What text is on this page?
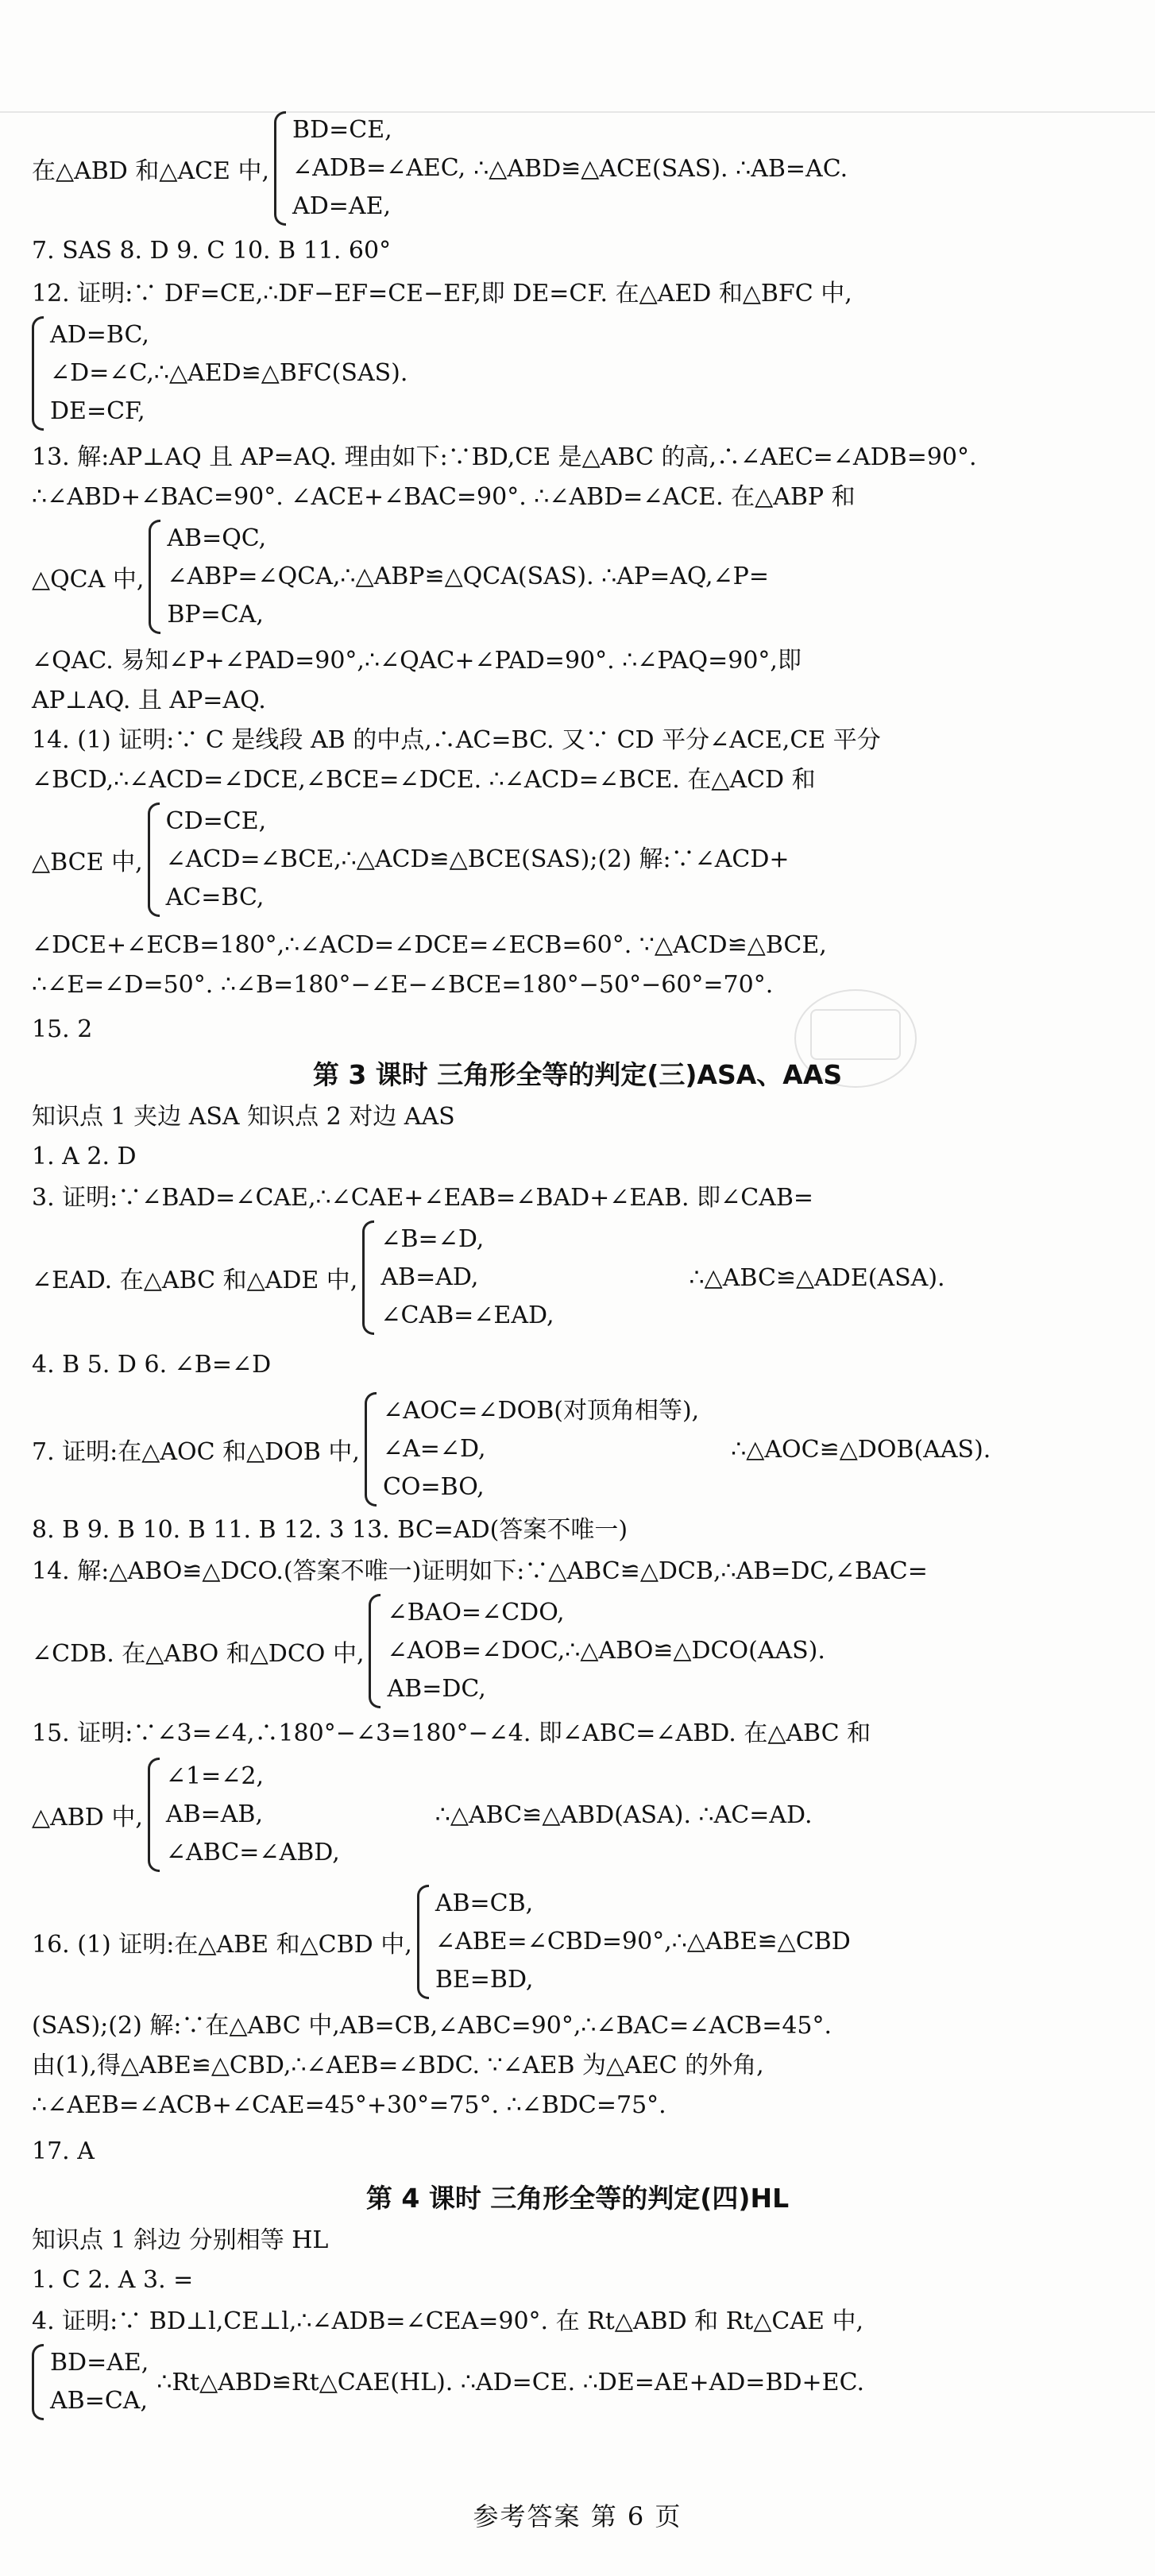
在△ABD 和△ACE 中,
BD=CE,
∠ADB=∠AEC,
AD=AE,
∴△ABD≌△ACE(SAS). ∴AB=AC.
7. SAS 8. D 9. C 10. B 11. 60°
12. 证明:∵ DF=CE,∴DF−EF=CE−EF,即 DE=CF. 在△AED 和△BFC 中,
AD=BC,
∠D=∠C,∴△AED≌△BFC(SAS).
DE=CF,
13. 解:AP⊥AQ 且 AP=AQ. 理由如下:∵BD,CE 是△ABC 的高,∴∠AEC=∠ADB=90°.
∴∠ABD+∠BAC=90°. ∠ACE+∠BAC=90°. ∴∠ABD=∠ACE. 在△ABP 和
△QCA 中,
AB=QC,
∠ABP=∠QCA,∴△ABP≌△QCA(SAS). ∴AP=AQ,∠P=
BP=CA,
∠QAC. 易知∠P+∠PAD=90°,∴∠QAC+∠PAD=90°. ∴∠PAQ=90°,即
AP⊥AQ. 且 AP=AQ.
14. (1) 证明:∵ C 是线段 AB 的中点,∴AC=BC. 又∵ CD 平分∠ACE,CE 平分
∠BCD,∴∠ACD=∠DCE,∠BCE=∠DCE. ∴∠ACD=∠BCE. 在△ACD 和
△BCE 中,
CD=CE,
∠ACD=∠BCE,∴△ACD≌△BCE(SAS);(2) 解:∵∠ACD+
AC=BC,
∠DCE+∠ECB=180°,∴∠ACD=∠DCE=∠ECB=60°. ∵△ACD≌△BCE,
∴∠E=∠D=50°. ∴∠B=180°−∠E−∠BCE=180°−50°−60°=70°.
15. 2
第 3 课时 三角形全等的判定(三)ASA、AAS
知识点 1 夹边 ASA 知识点 2 对边 AAS
1. A 2. D
3. 证明:∵∠BAD=∠CAE,∴∠CAE+∠EAB=∠BAD+∠EAB. 即∠CAB=
∠EAD. 在△ABC 和△ADE 中,
∠B=∠D,
AB=AD,
∠CAB=∠EAD,
∴△ABC≌△ADE(ASA).
4. B 5. D 6. ∠B=∠D
7. 证明:在△AOC 和△DOB 中,
∠AOC=∠DOB(对顶角相等),
∠A=∠D,
CO=BO,
∴△AOC≌△DOB(AAS).
8. B 9. B 10. B 11. B 12. 3 13. BC=AD(答案不唯一)
14. 解:△ABO≌△DCO.(答案不唯一)证明如下:∵△ABC≌△DCB,∴AB=DC,∠BAC=
∠CDB. 在△ABO 和△DCO 中,
∠BAO=∠CDO,
∠AOB=∠DOC,∴△ABO≌△DCO(AAS).
AB=DC,
15. 证明:∵∠3=∠4,∴180°−∠3=180°−∠4. 即∠ABC=∠ABD. 在△ABC 和
△ABD 中,
∠1=∠2,
AB=AB,
∠ABC=∠ABD,
∴△ABC≌△ABD(ASA). ∴AC=AD.
16. (1) 证明:在△ABE 和△CBD 中,
AB=CB,
∠ABE=∠CBD=90°,∴△ABE≌△CBD
BE=BD,
(SAS);(2) 解:∵在△ABC 中,AB=CB,∠ABC=90°,∴∠BAC=∠ACB=45°.
由(1),得△ABE≌△CBD,∴∠AEB=∠BDC. ∵∠AEB 为△AEC 的外角,
∴∠AEB=∠ACB+∠CAE=45°+30°=75°. ∴∠BDC=75°.
17. A
第 4 课时 三角形全等的判定(四)HL
知识点 1 斜边 分别相等 HL
1. C 2. A 3. =
4. 证明:∵ BD⊥l,CE⊥l,∴∠ADB=∠CEA=90°. 在 Rt△ABD 和 Rt△CAE 中,
BD=AE,
AB=CA,
∴Rt△ABD≌Rt△CAE(HL). ∴AD=CE. ∴DE=AE+AD=BD+EC.
参考答案 第 6 页
